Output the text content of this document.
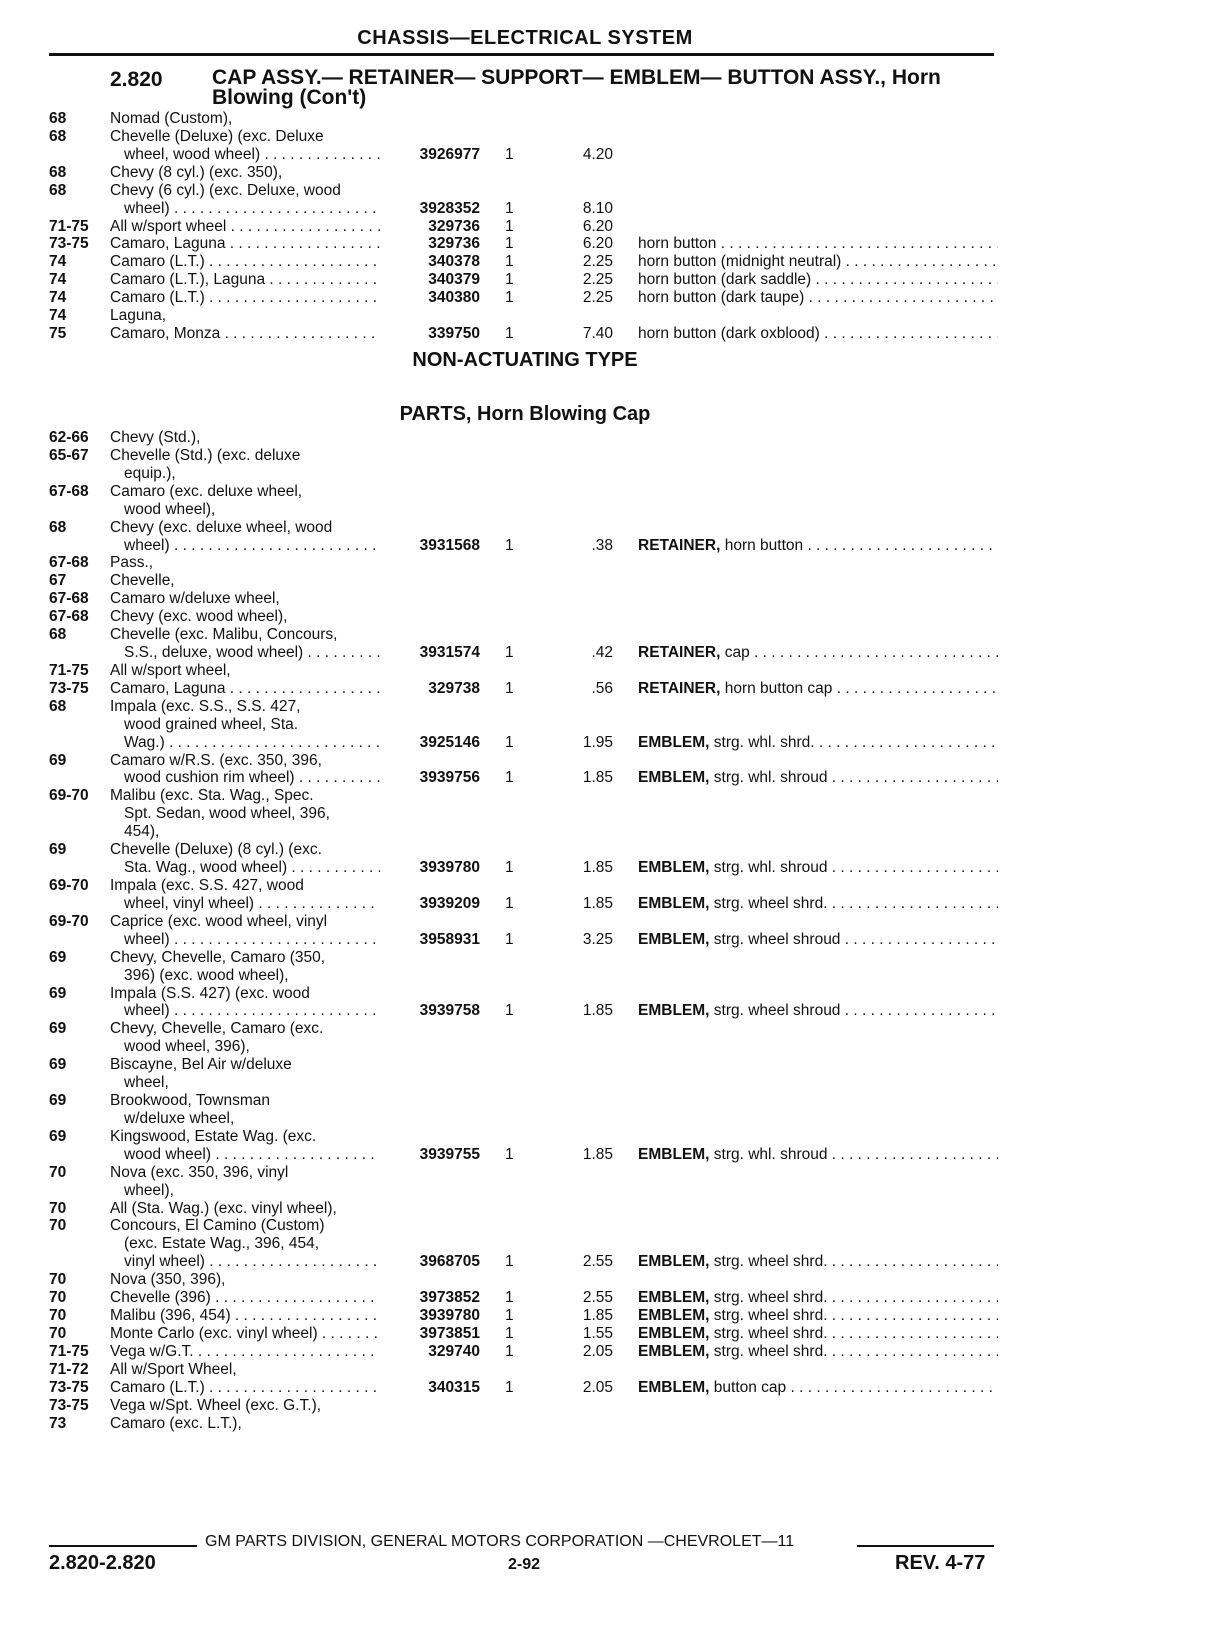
CHASSIS—ELECTRICAL SYSTEM
2.820 CAP ASSY.— RETAINER— SUPPORT— EMBLEM— BUTTON ASSY., Horn Blowing (Con't)
68	Nomad (Custom),
68	Chevelle (Deluxe) (exc. Deluxe
wheel, wood wheel) . . .	3926977 1	4.20
68	Chevy (8 cyl.) (exc. 350),
68	Chevy (6 cyl.) (exc. Deluxe, wood
wheel) . . .	3928352 1	8.10
71-75 All w/sport wheel . . .	329736 1	6.20
73-75 Camaro, Laguna . . .	329736 1	6.20 horn button . . .
74	Camaro (L.T.) . . .	340378 1	2.25 horn button (midnight neutral) . . .
74	Camaro (L.T.), Laguna . . .	340379 1	2.25 horn button (dark saddle) . . .
74	Camaro (L.T.) . . .	340380 1	2.25 horn button (dark taupe) . . .
74	Laguna,
75	Camaro, Monza . . .	339750 1	7.40 horn button (dark oxblood) . . .
NON-ACTUATING TYPE
PARTS, Horn Blowing Cap
62-66 Chevy (Std.),
65-67 Chevelle (Std.) (exc. deluxe
equip.),
67-68 Camaro (exc. deluxe wheel,
wood wheel),
68	Chevy (exc. deluxe wheel, wood
wheel) . . .	3931568 1	.38 RETAINER, horn button . . .
67-68 Pass.,
67	Chevelle,
67-68 Camaro w/deluxe wheel,
67-68 Chevy (exc. wood wheel),
68	Chevelle (exc. Malibu, Concours,
S.S., deluxe, wood wheel) . . .	3931574 1	.42 RETAINER, cap . . .
71-75 All w/sport wheel,
73-75 Camaro, Laguna . . .	329738 1	.56 RETAINER, horn button cap . . .
68	Impala (exc. S.S., S.S. 427,
wood grained wheel, Sta.
Wag.) . . .	3925146 1	1.95 EMBLEM, strg. whl. shrd. . . .
69	Camaro w/R.S. (exc. 350, 396,
wood cushion rim wheel) . . .	3939756 1	1.85 EMBLEM, strg. whl. shroud . . .
69-70 Malibu (exc. Sta. Wag., Spec.
Spt. Sedan, wood wheel, 396,
454),
69	Chevelle (Deluxe) (8 cyl.) (exc.
Sta. Wag., wood wheel) . . .	3939780 1	1.85 EMBLEM, strg. whl. shroud . . .
69-70 Impala (exc. S.S. 427, wood
wheel, vinyl wheel) . . .	3939209 1	1.85 EMBLEM, strg. wheel shrd. . . .
69-70 Caprice (exc. wood wheel, vinyl
wheel) . . .	3958931 1	3.25 EMBLEM, strg. wheel shroud . . .
69	Chevy, Chevelle, Camaro (350,
396) (exc. wood wheel),
69	Impala (S.S. 427) (exc. wood
wheel) . . .	3939758 1	1.85 EMBLEM, strg. wheel shroud . . .
69	Chevy, Chevelle, Camaro (exc.
wood wheel, 396),
69	Biscayne, Bel Air w/deluxe
wheel,
69	Brookwood, Townsman
w/deluxe wheel,
69	Kingswood, Estate Wag. (exc.
wood wheel) . . .	3939755 1	1.85 EMBLEM, strg. whl. shroud . . .
70	Nova (exc. 350, 396, vinyl
wheel),
70	All (Sta. Wag.) (exc. vinyl wheel),
70	Concours, El Camino (Custom)
(exc. Estate Wag., 396, 454,
vinyl wheel) . . .	3968705 1	2.55 EMBLEM, strg. wheel shrd. . . .
70	Nova (350, 396),
70	Chevelle (396) . . .	3973852 1	2.55 EMBLEM, strg. wheel shrd. . . .
70	Malibu (396, 454) . . .	3939780 1	1.85 EMBLEM, strg. wheel shrd. . . .
70	Monte Carlo (exc. vinyl wheel) . . .	3973851 1	1.55 EMBLEM, strg. wheel shrd. . . .
71-75 Vega w/G.T. . . .	329740 1	2.05 EMBLEM, strg. wheel shrd. . . .
71-72 All w/Sport Wheel,
73-75 Camaro (L.T.) . . .	340315 1	2.05 EMBLEM, button cap . . .
73-75 Vega w/Spt. Wheel (exc. G.T.),
73	Camaro (exc. L.T.),
GM PARTS DIVISION, GENERAL MOTORS CORPORATION —CHEVROLET—11
2.820-2.820	2-92	REV. 4-77
